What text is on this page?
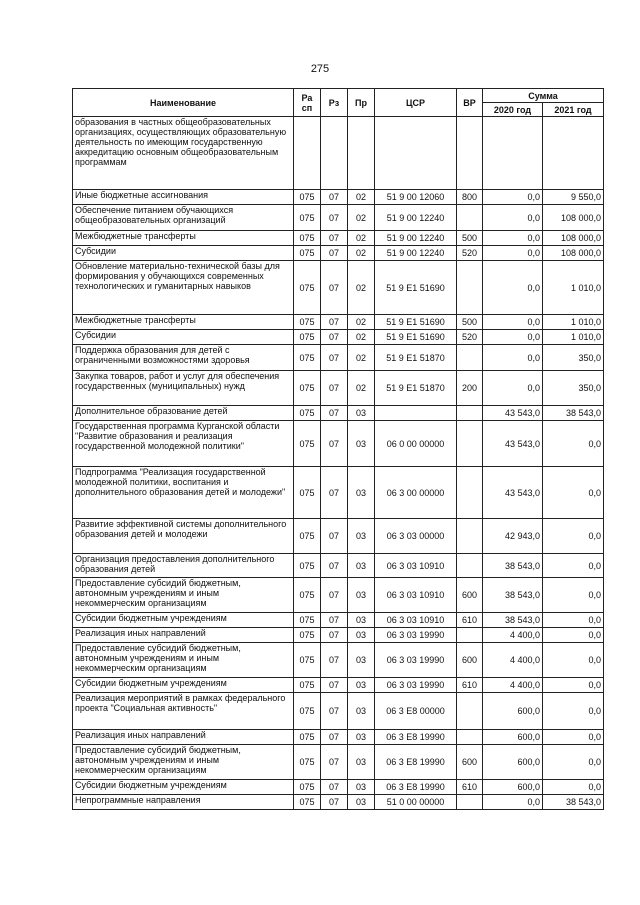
275
Наименование	Ра сп	Рз	Пр	ЦСР	ВР	Сумма	
						2020 год	2021 год
образования в частных общеобразовательных организациях, осуществляющих образовательную деятельность по имеющим государственную аккредитацию основным общеобразовательным программам							
Иные бюджетные ассигнования	075	07	02	51 9 00 12060	800	0,0	9 550,0
Обеспечение питанием обучающихся общеобразовательных организаций	075	07	02	51 9 00 12240		0,0	108 000,0
Межбюджетные трансферты	075	07	02	51 9 00 12240	500	0,0	108 000,0
Субсидии	075	07	02	51 9 00 12240	520	0,0	108 000,0
Обновление материально-технической базы для формирования у обучающихся современных технологических и гуманитарных навыков	075	07	02	51 9 E1 51690		0,0	1 010,0
Межбюджетные трансферты	075	07	02	51 9 E1 51690	500	0,0	1 010,0
Субсидии	075	07	02	51 9 E1 51690	520	0,0	1 010,0
Поддержка образования для детей с ограниченными возможностями здоровья	075	07	02	51 9 E1 51870		0,0	350,0
Закупка товаров, работ и услуг для обеспечения государственных (муниципальных) нужд	075	07	02	51 9 E1 51870	200	0,0	350,0
Дополнительное образование детей	075	07	03			43 543,0	38 543,0
Государственная программа Курганской области "Развитие образования и реализация государственной молодежной политики"	075	07	03	06 0 00 00000		43 543,0	0,0
Подпрограмма "Реализация государственной молодежной политики, воспитания и дополнительного образования детей и молодежи"	075	07	03	06 3 00 00000		43 543,0	0,0
Развитие эффективной системы дополнительного образования детей и молодежи	075	07	03	06 3 03 00000		42 943,0	0,0
Организация предоставления дополнительного образования детей	075	07	03	06 3 03 10910		38 543,0	0,0
Предоставление субсидий бюджетным, автономным учреждениям и иным некоммерческим организациям	075	07	03	06 3 03 10910	600	38 543,0	0,0
Субсидии бюджетным учреждениям	075	07	03	06 3 03 10910	610	38 543,0	0,0
Реализация иных направлений	075	07	03	06 3 03 19990		4 400,0	0,0
Предоставление субсидий бюджетным, автономным учреждениям и иным некоммерческим организациям	075	07	03	06 3 03 19990	600	4 400,0	0,0
Субсидии бюджетным учреждениям	075	07	03	06 3 03 19990	610	4 400,0	0,0
Реализация мероприятий в рамках федерального проекта "Социальная активность"	075	07	03	06 3 E8 00000		600,0	0,0
Реализация иных направлений	075	07	03	06 3 E8 19990		600,0	0,0
Предоставление субсидий бюджетным, автономным учреждениям и иным некоммерческим организациям	075	07	03	06 3 E8 19990	600	600,0	0,0
Субсидии бюджетным учреждениям	075	07	03	06 3 E8 19990	610	600,0	0,0
Непрограммные направления	075	07	03	51 0 00 00000		0,0	38 543,0
